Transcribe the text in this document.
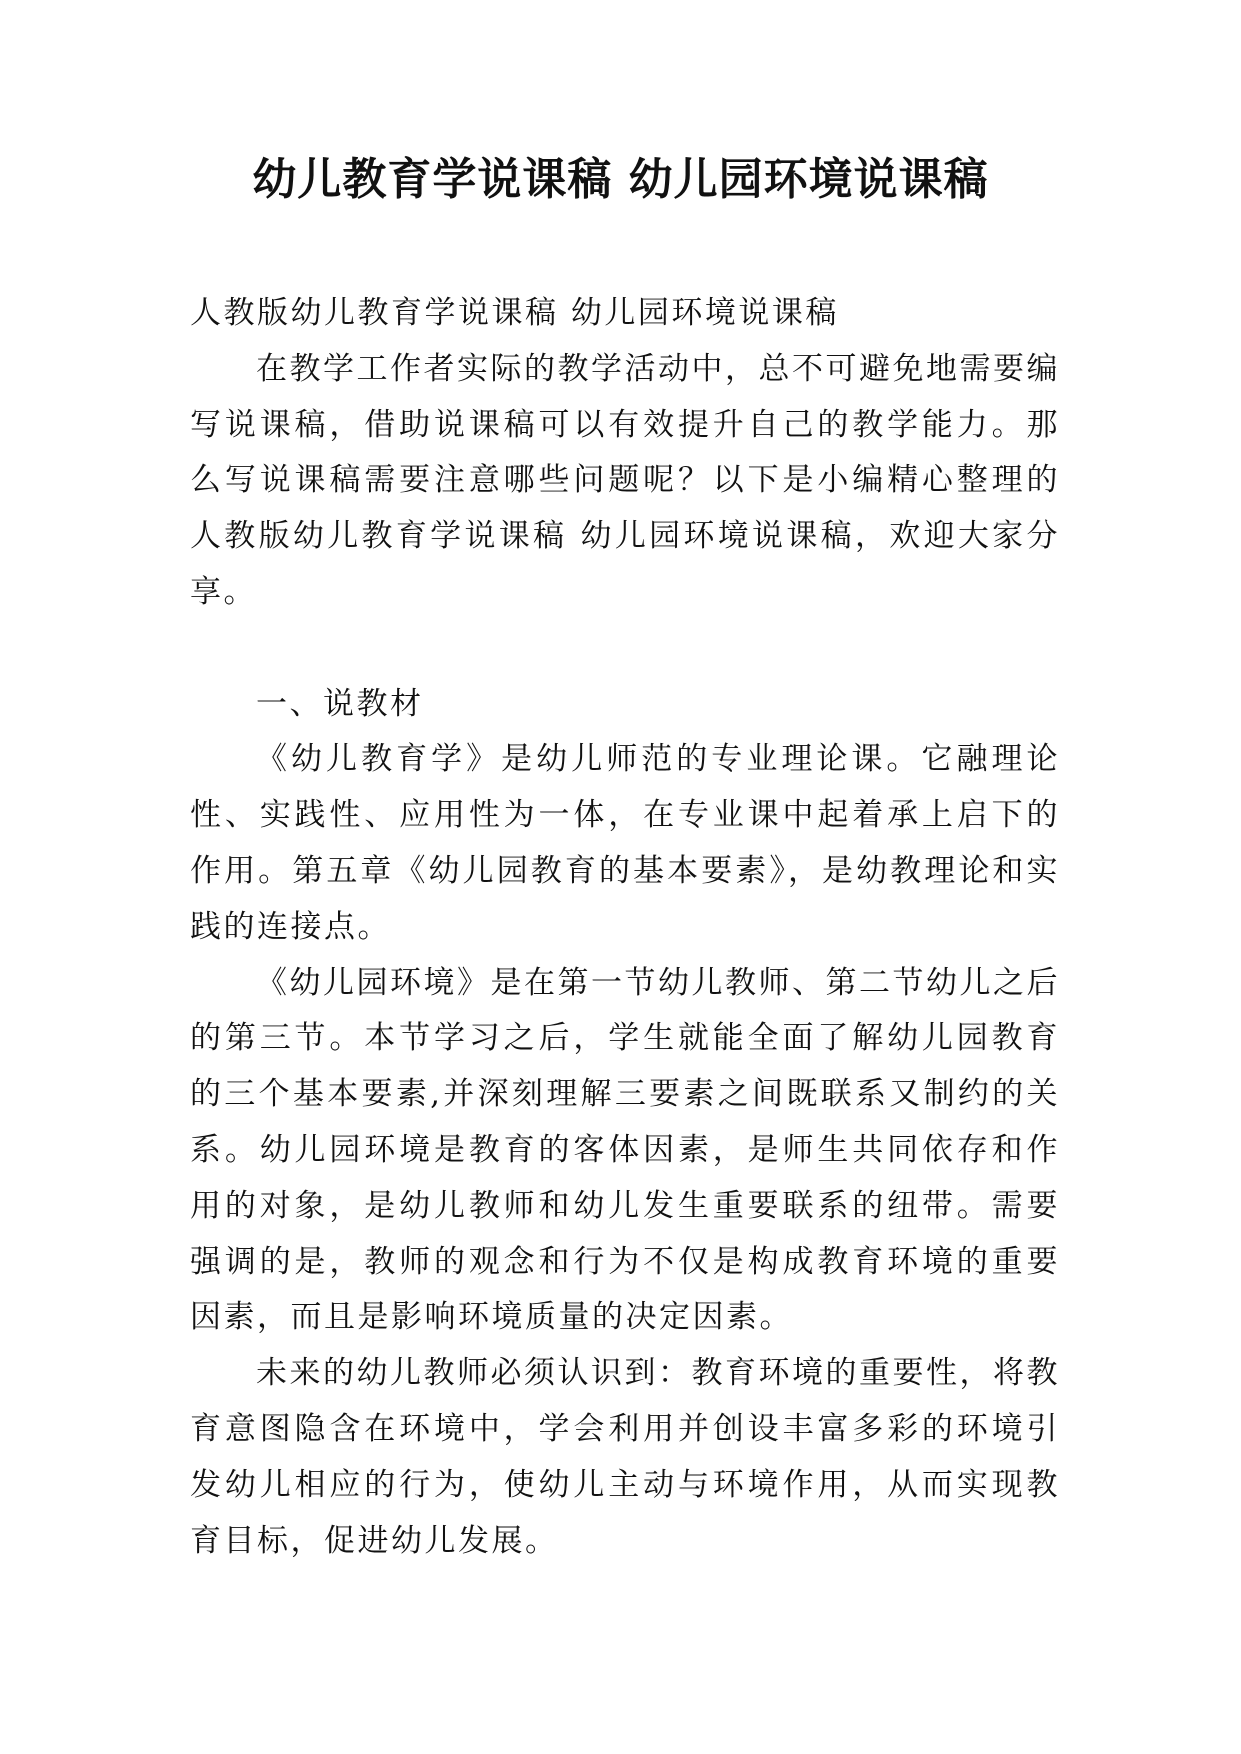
幼儿教育学说课稿 幼儿园环境说课稿

人教版幼儿教育学说课稿 幼儿园环境说课稿

在教学工作者实际的教学活动中，总不可避免地需要编写说课稿，借助说课稿可以有效提升自己的教学能力。那么写说课稿需要注意哪些问题呢？以下是小编精心整理的人教版幼儿教育学说课稿 幼儿园环境说课稿，欢迎大家分享。

一、说教材

《幼儿教育学》是幼儿师范的专业理论课。它融理论性、实践性、应用性为一体，在专业课中起着承上启下的作用。第五章《幼儿园教育的基本要素》，是幼教理论和实践的连接点。

《幼儿园环境》是在第一节幼儿教师、第二节幼儿之后的第三节。本节学习之后，学生就能全面了解幼儿园教育的三个基本要素,并深刻理解三要素之间既联系又制约的关系。幼儿园环境是教育的客体因素，是师生共同依存和作用的对象，是幼儿教师和幼儿发生重要联系的纽带。需要强调的是，教师的观念和行为不仅是构成教育环境的重要因素，而且是影响环境质量的决定因素。

未来的幼儿教师必须认识到：教育环境的重要性，将教育意图隐含在环境中，学会利用并创设丰富多彩的环境引发幼儿相应的行为，使幼儿主动与环境作用，从而实现教育目标，促进幼儿发展。
